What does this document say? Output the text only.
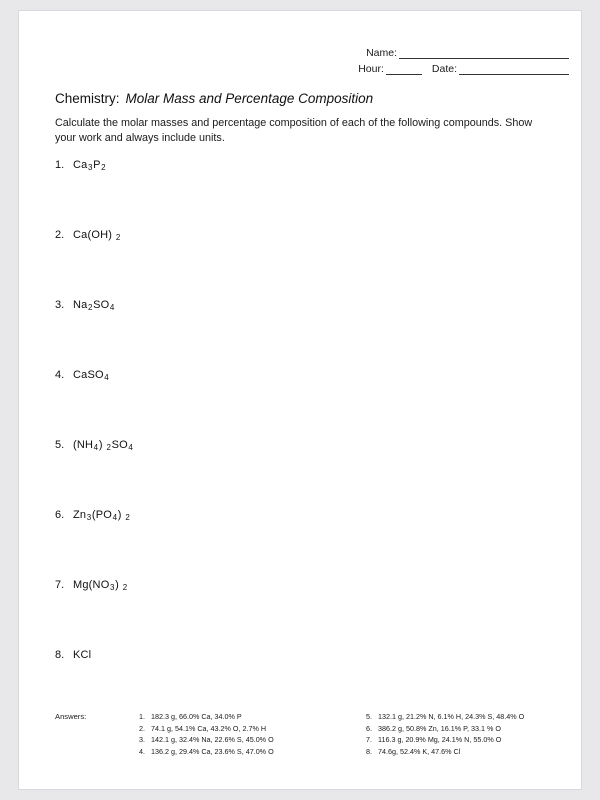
Name:
Hour:	Date:
Chemistry: Molar Mass and Percentage Composition
Calculate the molar masses and percentage composition of each of the following compounds. Show your work and always include units.
1. $Ca_3P_2$
2. Ca(OH) $_2$
3. $Na_2SO_4$
4. CaSO$_4$
5. $(NH_4)$ $_2SO_4$
6. $Zn_3(PO_4)$ $_2$
7. $Mg(NO_3)$ $_2$
8. KCl
Answers:	1. 182.3 g, 66.0% Ca, 34.0% P
2. 74.1 g, 54.1% Ca, 43.2% O, 2.7% H
3. 142.1 g, 32.4% Na, 22.6% S, 45.0% O
4. 136.2 g, 29.4% Ca, 23.6% S, 47.0% O
5. 132.1 g, 21.2% N, 6.1% H, 24.3% S, 48.4% O
6. 386.2 g, 50.8% Zn, 16.1% P, 33.1 % O
7. 116.3 g, 20.9% Mg, 24.1% N, 55.0% O
8. 74.6g, 52.4% K, 47.6% Cl
